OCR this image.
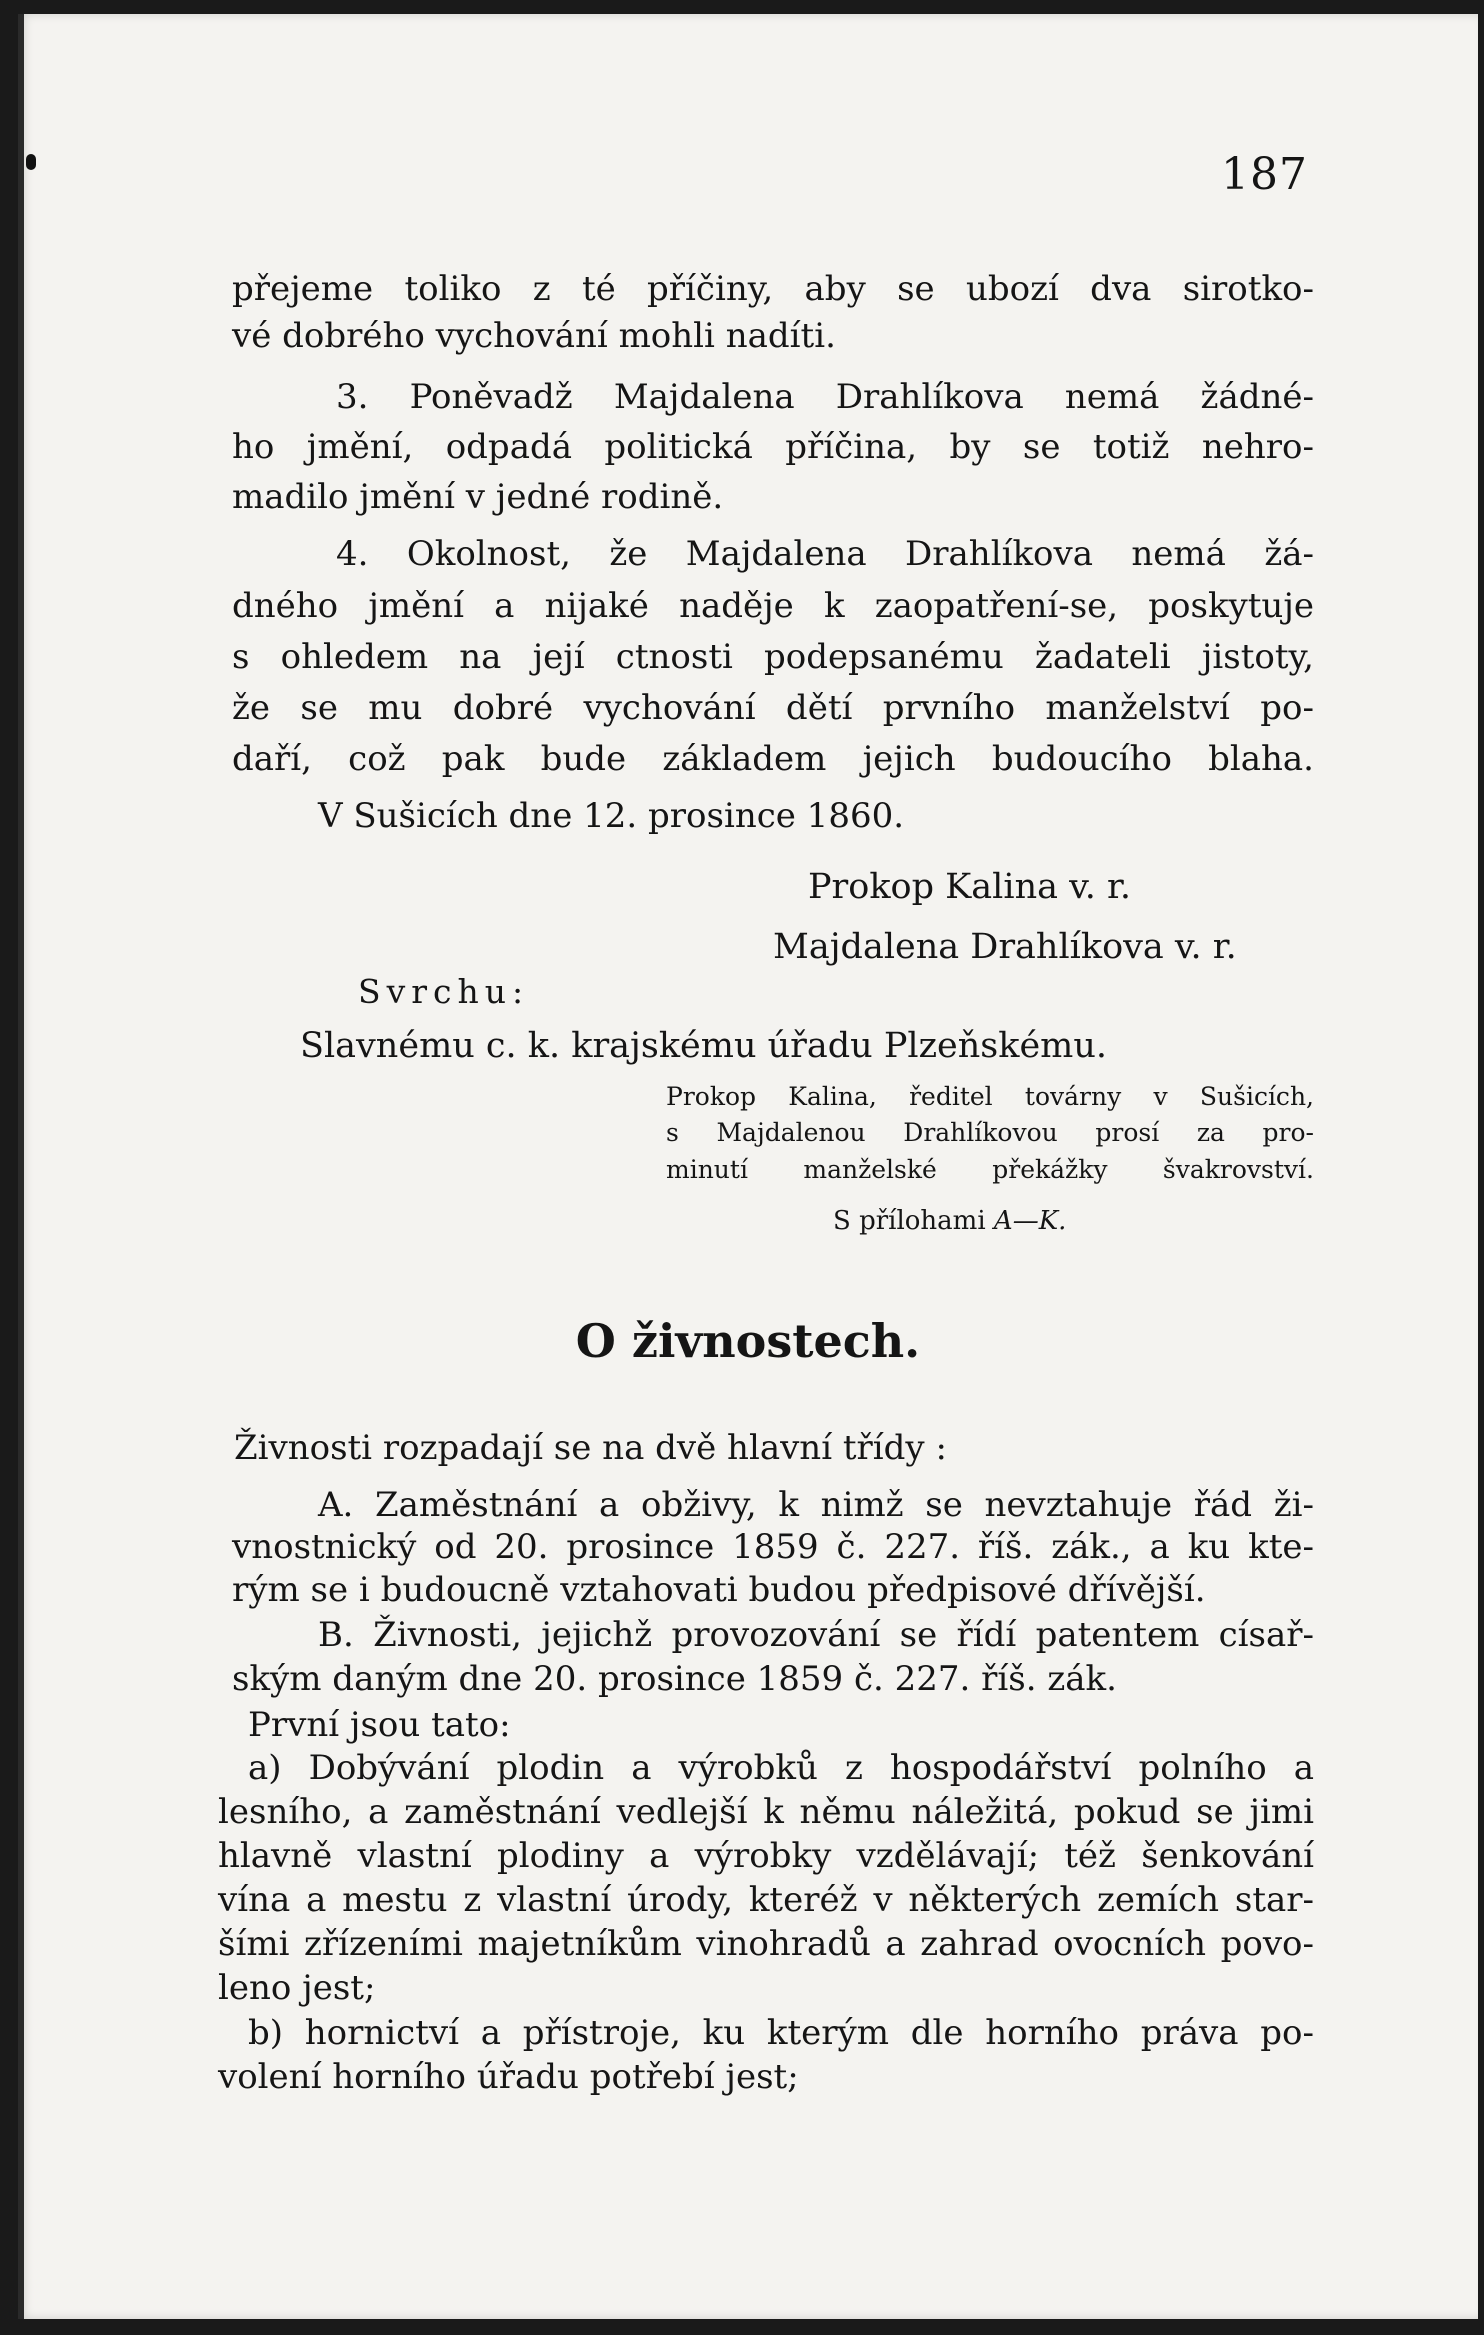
187
přejeme toliko z té příčiny, aby se ubozí dva sirotko-
vé dobrého vychování mohli nadíti.
3. Poněvadž Majdalena Drahlíkova nemá žádné-
ho jmění, odpadá politická příčina, by se totiž nehro-
madilo jmění v jedné rodině.
4. Okolnost, že Majdalena Drahlíkova nemá žá-
dného jmění a nijaké naděje k zaopatření-se, poskytuje
s ohledem na její ctnosti podepsanému žadateli jistoty,
že se mu dobré vychování dětí prvního manželství po-
daří, což pak bude základem jejich budoucího blaha.
V Sušicích dne 12. prosince 1860.
Prokop Kalina v. r.
Majdalena Drahlíkova v. r.
Svrchu:
Slavnému c. k. krajskému úřadu Plzeňskému.
Prokop Kalina, ředitel továrny v Sušicích,
s Majdalenou Drahlíkovou prosí za pro-
minutí manželské překážky švakrovství.
S přílohami A—K.
O živnostech.
Živnosti rozpadají se na dvě hlavní třídy :
A. Zaměstnání a obživy, k nimž se nevztahuje řád ži-
vnostnický od 20. prosince 1859 č. 227. říš. zák., a ku kte-
rým se i budoucně vztahovati budou předpisové dřívější.
B. Živnosti, jejichž provozování se řídí patentem císař-
ským daným dne 20. prosince 1859 č. 227. říš. zák.
První jsou tato:
a) Dobývání plodin a výrobků z hospodářství polního a
lesního, a zaměstnání vedlejší k němu náležitá, pokud se jimi
hlavně vlastní plodiny a výrobky vzdělávají; též šenkování
vína a mestu z vlastní úrody, kteréž v některých zemích star-
šími zřízeními majetníkům vinohradů a zahrad ovocních povo-
leno jest;
b) hornictví a přístroje, ku kterým dle horního práva po-
volení horního úřadu potřebí jest;
